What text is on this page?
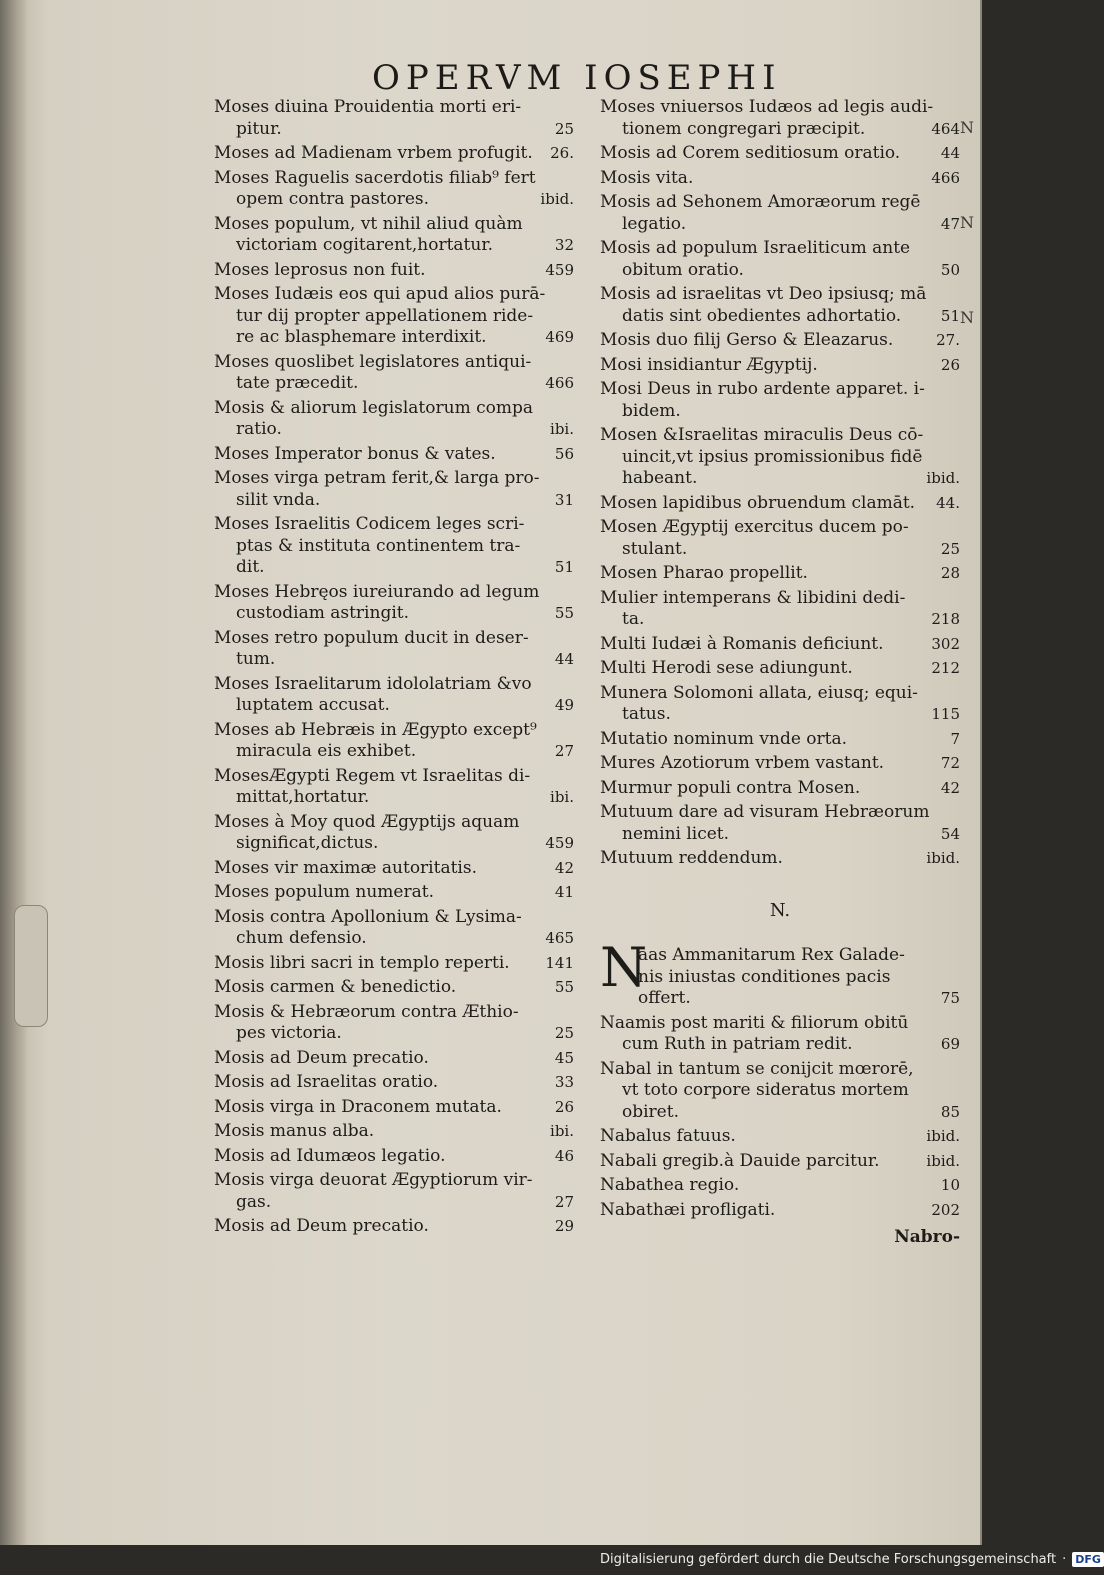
N
N
N
OPERVM IOSEPHI
Moses diuina Prouidentia morti eri-
25
pitur.
26.
Moses ad Madienam vrbem profugit.
Moses Raguelis sacerdotis filiab⁹ fert
ibid.
opem contra pastores.
Moses populum, vt nihil aliud quàm
32
victoriam cogitarent,hortatur.
459
Moses leprosus non fuit.
Moses Iudæis eos qui apud alios purā-
tur dij propter appellationem ride-
469
re ac blasphemare interdixit.
Moses quoslibet legislatores antiqui-
466
tate præcedit.
Mosis & aliorum legislatorum compa
ibi.
ratio.
56
Moses Imperator bonus & vates.
Moses virga petram ferit,& larga pro-
31
silit vnda.
Moses Israelitis Codicem leges scri-
ptas & instituta continentem tra-
51
dit.
Moses Hebręos iureiurando ad legum
55
custodiam astringit.
Moses retro populum ducit in deser-
44
tum.
Moses Israelitarum idololatriam &vo
49
luptatem accusat.
Moses ab Hebræis in Ægypto except⁹
27
miracula eis exhibet.
MosesÆgypti Regem vt Israelitas di-
ibi.
mittat,hortatur.
Moses à Moy quod Ægyptijs aquam
459
significat,dictus.
42
Moses vir maximæ autoritatis.
41
Moses populum numerat.
Mosis contra Apollonium & Lysima-
465
chum defensio.
141
Mosis libri sacri in templo reperti.
55
Mosis carmen & benedictio.
Mosis & Hebræorum contra Æthio-
25
pes victoria.
45
Mosis ad Deum precatio.
33
Mosis ad Israelitas oratio.
26
Mosis virga in Draconem mutata.
ibi.
Mosis manus alba.
46
Mosis ad Idumæos legatio.
Mosis virga deuorat Ægyptiorum vir-
27
gas.
29
Mosis ad Deum precatio.
Moses vniuersos Iudæos ad legis audi-
464
tionem congregari præcipit.
44
Mosis ad Corem seditiosum oratio.
466
Mosis vita.
Mosis ad Sehonem Amoræorum regē
47
legatio.
Mosis ad populum Israeliticum ante
50
obitum oratio.
Mosis ad israelitas vt Deo ipsiusq; mā
51
datis sint obedientes adhortatio.
27.
Mosis duo filij Gerso & Eleazarus.
26
Mosi insidiantur Ægyptij.
Mosi Deus in rubo ardente apparet. i-
bidem.
Mosen &Israelitas miraculis Deus cō-
uincit,vt ipsius promissionibus fidē
ibid.
habeant.
44.
Mosen lapidibus obruendum clamāt.
Mosen Ægyptij exercitus ducem po-
25
stulant.
28
Mosen Pharao propellit.
Mulier intemperans & libidini dedi-
218
ta.
302
Multi Iudæi à Romanis deficiunt.
212
Multi Herodi sese adiungunt.
Munera Solomoni allata, eiusq; equi-
115
tatus.
7
Mutatio nominum vnde orta.
72
Mures Azotiorum vrbem vastant.
42
Murmur populi contra Mosen.
Mutuum dare ad visuram Hebræorum
54
nemini licet.
ibid.
Mutuum reddendum.
N.
N
aas Ammanitarum Rex Galade-
nis iniustas conditiones pacis
75
offert.
Naamis post mariti & filiorum obitū
69
cum Ruth in patriam redit.
Nabal in tantum se conijcit mœrorē,
vt toto corpore sideratus mortem
85
obiret.
ibid.
Nabalus fatuus.
ibid.
Nabali gregib.à Dauide parcitur.
10
Nabathea regio.
202
Nabathæi profligati.
Nabro-
Digitalisierung gefördert durch die Deutsche Forschungsgemeinschaft · DFG
